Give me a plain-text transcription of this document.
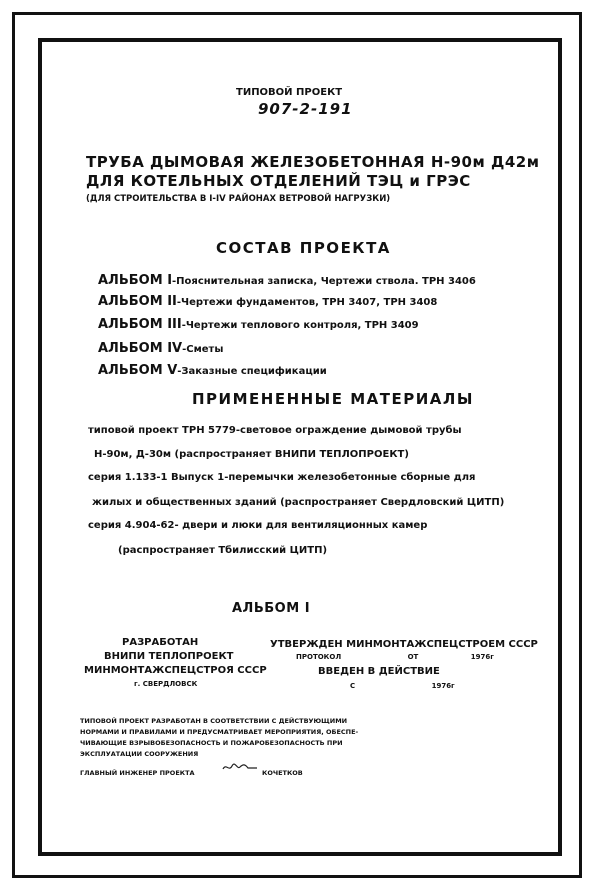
ТИПОВОЙ ПРОЕКТ
907-2-191
ТРУБА ДЫМОВАЯ ЖЕЛЕЗОБЕТОННАЯ Н-90м Д42м
ДЛЯ КОТЕЛЬНЫХ ОТДЕЛЕНИЙ ТЭЦ и ГРЭС
(ДЛЯ СТРОИТЕЛЬСТВА В I-IV РАЙОНАХ ВЕТРОВОЙ НАГРУЗКИ)
СОСТАВ ПРОЕКТА
АЛЬБОМ I-Пояснительная записка, Чертежи ствола. ТРН 3406
АЛЬБОМ II-Чертежи фундаментов, ТРН 3407, ТРН 3408
АЛЬБОМ III-Чертежи теплового контроля, ТРН 3409
АЛЬБОМ IV-Сметы
АЛЬБОМ V-Заказные спецификации
ПРИМЕНЕННЫЕ МАТЕРИАЛЫ
типовой проект ТРН 5779-световое ограждение дымовой трубы
Н-90м, Д-30м (распространяет ВНИПИ ТЕПЛОПРОЕКТ)
серия 1.133-1 Выпуск 1-перемычки железобетонные сборные для
жилых и общественных зданий (распространяет Свердловский ЦИТП)
серия 4.904-62- двери и люки для вентиляционных камер
(распространяет Тбилисский ЦИТП)
АЛЬБОМ I
РАЗРАБОТАН
ВНИПИ ТЕПЛОПРОЕКТ
МИНМОНТАЖСПЕЦСТРОЯ СССР
г. СВЕРДЛОВСК
УТВЕРЖДЕН МИНМОНТАЖСПЕЦСТРОЕМ СССР
ПРОТОКОЛ	ОТ	1976г
ВВЕДЕН В ДЕЙСТВИЕ
С	1976г
ТИПОВОЙ ПРОЕКТ РАЗРАБОТАН В СООТВЕТСТВИИ С ДЕЙСТВУЮЩИМИ
НОРМАМИ И ПРАВИЛАМИ И ПРЕДУСМАТРИВАЕТ МЕРОПРИЯТИЯ, ОБЕСПЕ-
ЧИВАЮЩИЕ ВЗРЫВОБЕЗОПАСНОСТЬ И ПОЖАРОБЕЗОПАСНОСТЬ ПРИ
ЭКСПЛУАТАЦИИ СООРУЖЕНИЯ
ГЛАВНЫЙ ИНЖЕНЕР ПРОЕКТА	КОЧЕТКОВ
